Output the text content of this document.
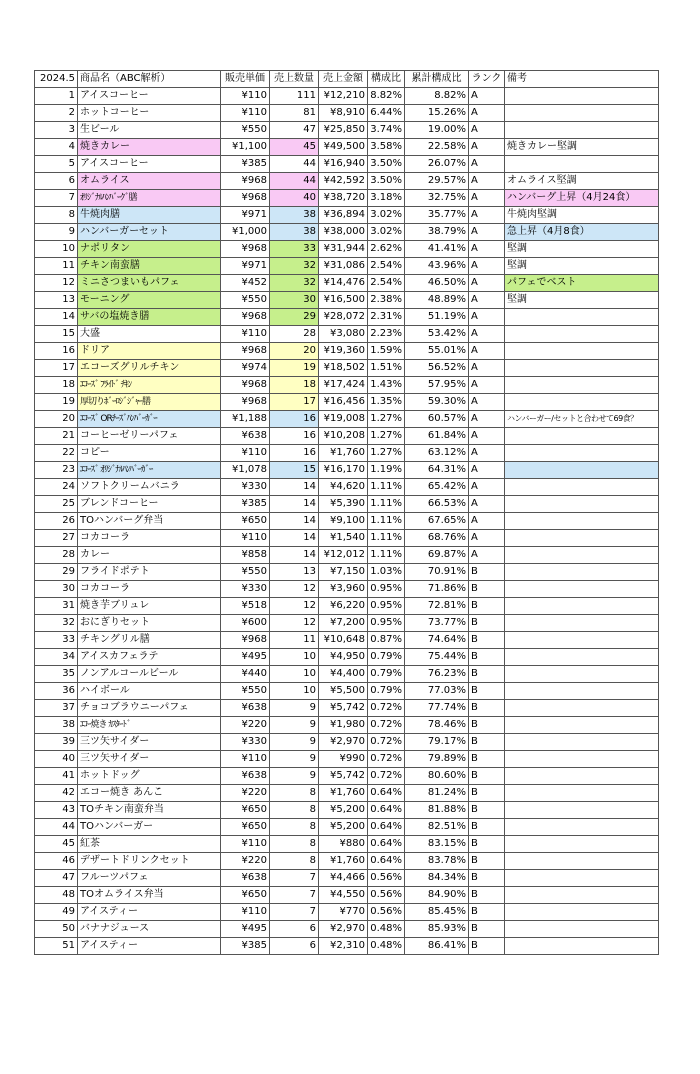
2024.5	商品名（ABC解析）	販売単価	売上数量	売上金額	構成比	累計構成比	ランク	備考
1	アイスコーヒー	¥110	111	¥12,210	8.82%	8.82%	A	
2	ホットコーヒー	¥110	81	¥8,910	6.44%	15.26%	A	
3	生ビール	¥550	47	¥25,850	3.74%	19.00%	A	
4	焼きカレー	¥1,100	45	¥49,500	3.58%	22.58%	A	焼きカレー堅調
5	アイスコーヒー	¥385	44	¥16,940	3.50%	26.07%	A	
6	オムライス	¥968	44	¥42,592	3.50%	29.57%	A	オムライス堅調
7	ｵﾘｼﾞﾅﾙﾊﾝﾊﾞｰｸﾞ膳	¥968	40	¥38,720	3.18%	32.75%	A	ハンバーグ上昇（4月24食）
8	牛焼肉膳	¥971	38	¥36,894	3.02%	35.77%	A	牛焼肉堅調
9	ハンバーガーセット	¥1,000	38	¥38,000	3.02%	38.79%	A	急上昇（4月8食）
10	ナポリタン	¥968	33	¥31,944	2.62%	41.41%	A	堅調
11	チキン南蛮膳	¥971	32	¥31,086	2.54%	43.96%	A	堅調
12	ミニさつまいもパフェ	¥452	32	¥14,476	2.54%	46.50%	A	パフェでベスト
13	モーニング	¥550	30	¥16,500	2.38%	48.89%	A	堅調
14	サバの塩焼き膳	¥968	29	¥28,072	2.31%	51.19%	A	
15	大盛	¥110	28	¥3,080	2.23%	53.42%	A	
16	ドリア	¥968	20	¥19,360	1.59%	55.01%	A	
17	エコーズグリルチキン	¥974	19	¥18,502	1.51%	56.52%	A	
18	ｴｺｰｽﾞ ﾌﾗｲﾄﾞ ﾁｷﾝ	¥968	18	¥17,424	1.43%	57.95%	A	
19	厚切りﾎﾞｰﾛｼﾞｼﾞｬｰ膳	¥968	17	¥16,456	1.35%	59.30%	A	
20	ｴｺｰｽﾞ ORﾁｰｽﾞﾊﾝﾊﾞｰｶﾞｰ	¥1,188	16	¥19,008	1.27%	60.57%	A	ハンバーガー/セットと合わせて69食？
21	コーヒーゼリーパフェ	¥638	16	¥10,208	1.27%	61.84%	A	
22	コピー	¥110	16	¥1,760	1.27%	63.12%	A	
23	ｴｺｰｽﾞ ｵﾘｼﾞﾅﾙﾊﾝﾊﾞｰｶﾞｰ	¥1,078	15	¥16,170	1.19%	64.31%	A	
24	ソフトクリームバニラ	¥330	14	¥4,620	1.11%	65.42%	A	
25	ブレンドコーヒー	¥385	14	¥5,390	1.11%	66.53%	A	
26	TOハンバーグ弁当	¥650	14	¥9,100	1.11%	67.65%	A	
27	コカコーラ	¥110	14	¥1,540	1.11%	68.76%	A	
28	カレー	¥858	14	¥12,012	1.11%	69.87%	A	
29	フライドポテト	¥550	13	¥7,150	1.03%	70.91%	B	
30	コカコーラ	¥330	12	¥3,960	0.95%	71.86%	B	
31	焼き芋ブリュレ	¥518	12	¥6,220	0.95%	72.81%	B	
32	おにぎりセット	¥600	12	¥7,200	0.95%	73.77%	B	
33	チキングリル膳	¥968	11	¥10,648	0.87%	74.64%	B	
34	アイスカフェラテ	¥495	10	¥4,950	0.79%	75.44%	B	
35	ノンアルコールビール	¥440	10	¥4,400	0.79%	76.23%	B	
36	ハイボール	¥550	10	¥5,500	0.79%	77.03%	B	
37	チョコブラウニーパフェ	¥638	9	¥5,742	0.72%	77.74%	B	
38	ｴｺｰ焼き ｶｽﾀｰﾄﾞ	¥220	9	¥1,980	0.72%	78.46%	B	
39	三ツ矢サイダー	¥330	9	¥2,970	0.72%	79.17%	B	
40	三ツ矢サイダー	¥110	9	¥990	0.72%	79.89%	B	
41	ホットドッグ	¥638	9	¥5,742	0.72%	80.60%	B	
42	エコー焼き あんこ	¥220	8	¥1,760	0.64%	81.24%	B	
43	TOチキン南蛮弁当	¥650	8	¥5,200	0.64%	81.88%	B	
44	TOハンバーガー	¥650	8	¥5,200	0.64%	82.51%	B	
45	紅茶	¥110	8	¥880	0.64%	83.15%	B	
46	デザートドリンクセット	¥220	8	¥1,760	0.64%	83.78%	B	
47	フルーツパフェ	¥638	7	¥4,466	0.56%	84.34%	B	
48	TOオムライス弁当	¥650	7	¥4,550	0.56%	84.90%	B	
49	アイスティー	¥110	7	¥770	0.56%	85.45%	B	
50	バナナジュース	¥495	6	¥2,970	0.48%	85.93%	B	
51	アイスティー	¥385	6	¥2,310	0.48%	86.41%	B	
